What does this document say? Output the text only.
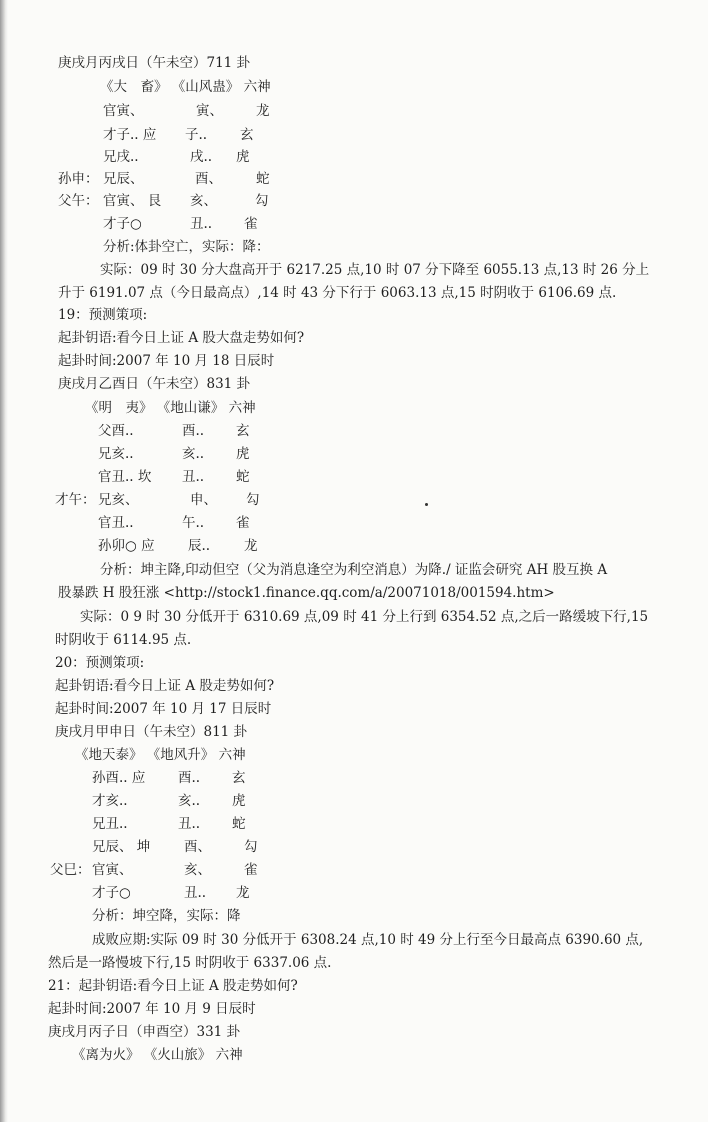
庚戌月丙戌日（午未空）711 卦
《大　畜》 《山风蛊》 六神
官寅、	寅、 龙
才子.. 应 子.. 玄
兄戌..	戌.. 虎
孙申： 兄辰、	酉、	蛇
父午： 官寅、 艮 亥、	勾
才子○	丑.. 雀
分析:体卦空亡，实际：降：
实际：09 时 30 分大盘高开于 6217.25 点,10 时 07 分下降至 6055.13 点,13 时 26 分上
升于 6191.07 点（今日最高点）,14 时 43 分下行于 6063.13 点,15 时阴收于 6106.69 点.
19：预测策项:
起卦钥语:看今日上证 A 股大盘走势如何?
起卦时间:2007 年 10 月 18 日辰时
庚戌月乙酉日（午未空）831 卦
《明　夷》 《地山谦》 六神
父酉..	酉.. 玄
兄亥..	亥.. 虎
官丑.. 坎 丑.. 蛇
才午： 兄亥、	申、 勾
官丑..	午.. 雀
孙卯○ 应 辰..	龙
分析：坤主降,印动但空（父为消息逢空为利空消息）为降./ 证监会研究 AH 股互换 A
股暴跌 H 股狂涨 <http://stock1.finance.qq.com/a/20071018/001594.htm>
实际：0 9 时 30 分低开于 6310.69 点,09 时 41 分上行到 6354.52 点,之后一路缓坡下行,15
时阴收于 6114.95 点.
20：预测策项:
起卦钥语:看今日上证 A 股走势如何?
起卦时间:2007 年 10 月 17 日辰时
庚戌月甲申日（午未空）811 卦
《地天泰》 《地风升》 六神
孙酉.. 应 酉.. 玄
才亥..	亥.. 虎
兄丑..	丑.. 蛇
兄辰、 坤 酉、 勾
父巳： 官寅、	亥、 雀
才子○	丑.. 龙
分析：坤空降，实际：降
成败应期:实际 09 时 30 分低开于 6308.24 点,10 时 49 分上行至今日最高点 6390.60 点,
然后是一路慢坡下行,15 时阴收于 6337.06 点.
21：起卦钥语:看今日上证 A 股走势如何?
起卦时间:2007 年 10 月 9 日辰时
庚戌月丙子日（申酉空）331 卦
《离为火》 《火山旅》 六神
